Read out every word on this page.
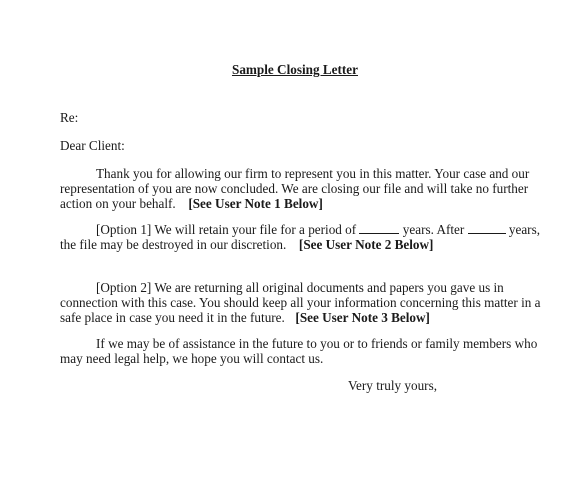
Sample Closing Letter
Re:
Dear Client:
Thank you for allowing our firm to represent you in this matter. Your case and our
representation of you are now concluded. We are closing our file and will take no further
action on your behalf. [See User Note 1 Below]
[Option 1] We will retain your file for a period of	years. After	years,
the file may be destroyed in our discretion. [See User Note 2 Below]
[Option 2] We are returning all original documents and papers you gave us in
connection with this case. You should keep all your information concerning this matter in a
safe place in case you need it in the future. [See User Note 3 Below]
If we may be of assistance in the future to you or to friends or family members who
may need legal help, we hope you will contact us.
Very truly yours,
